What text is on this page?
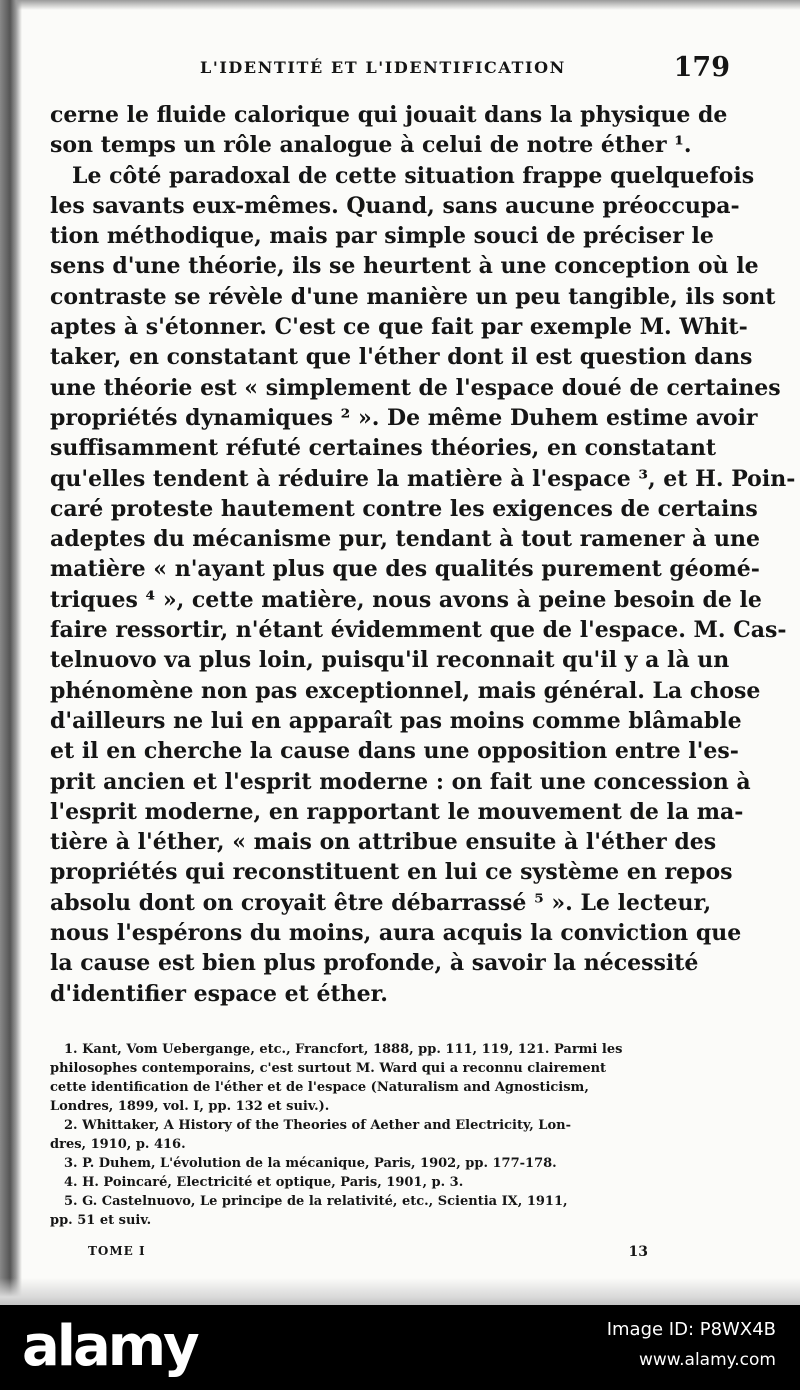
L'IDENTITÉ ET L'IDENTIFICATION	179
cerne le fluide calorique qui jouait dans la physique de
son temps un rôle analogue à celui de notre éther ¹.
Le côté paradoxal de cette situation frappe quelquefois
les savants eux-mêmes. Quand, sans aucune préoccupa-
tion méthodique, mais par simple souci de préciser le
sens d'une théorie, ils se heurtent à une conception où le
contraste se révèle d'une manière un peu tangible, ils sont
aptes à s'étonner. C'est ce que fait par exemple M. Whit-
taker, en constatant que l'éther dont il est question dans
une théorie est « simplement de l'espace doué de certaines
propriétés dynamiques ² ». De même Duhem estime avoir
suffisamment réfuté certaines théories, en constatant
qu'elles tendent à réduire la matière à l'espace ³, et H. Poin-
caré proteste hautement contre les exigences de certains
adeptes du mécanisme pur, tendant à tout ramener à une
matière « n'ayant plus que des qualités purement géomé-
triques ⁴ », cette matière, nous avons à peine besoin de le
faire ressortir, n'étant évidemment que de l'espace. M. Cas-
telnuovo va plus loin, puisqu'il reconnait qu'il y a là un
phénomène non pas exceptionnel, mais général. La chose
d'ailleurs ne lui en apparaît pas moins comme blâmable
et il en cherche la cause dans une opposition entre l'es-
prit ancien et l'esprit moderne : on fait une concession à
l'esprit moderne, en rapportant le mouvement de la ma-
tière à l'éther, « mais on attribue ensuite à l'éther des
propriétés qui reconstituent en lui ce système en repos
absolu dont on croyait être débarrassé ⁵ ». Le lecteur,
nous l'espérons du moins, aura acquis la conviction que
la cause est bien plus profonde, à savoir la nécessité
d'identifier espace et éther.
1. Kant, Vom Uebergange, etc., Francfort, 1888, pp. 111, 119, 121. Parmi les
philosophes contemporains, c'est surtout M. Ward qui a reconnu clairement
cette identification de l'éther et de l'espace (Naturalism and Agnosticism,
Londres, 1899, vol. I, pp. 132 et suiv.).
2. Whittaker, A History of the Theories of Aether and Electricity, Lon-
dres, 1910, p. 416.
3. P. Duhem, L'évolution de la mécanique, Paris, 1902, pp. 177-178.
4. H. Poincaré, Electricité et optique, Paris, 1901, p. 3.
5. G. Castelnuovo, Le principe de la relativité, etc., Scientia IX, 1911,
pp. 51 et suiv.
TOME I	13
alamy	Image ID: P8WX4B
www.alamy.com
